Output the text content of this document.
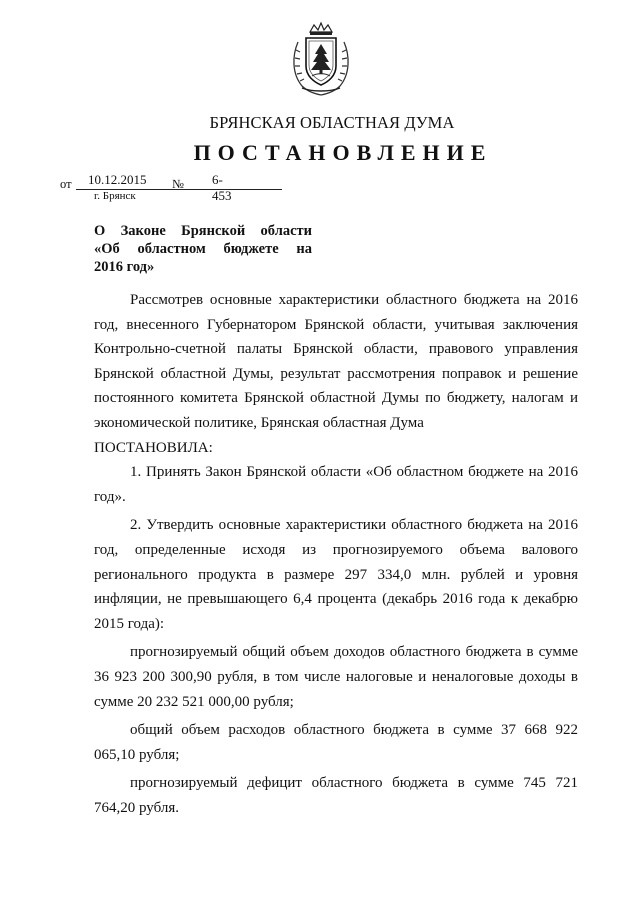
БРЯНСКАЯ ОБЛАСТНАЯ ДУМА
ПОСТАНОВЛЕНИЕ
от 10.12.2015 № 6-453
г. Брянск
О Законе Брянской области
«Об областном бюджете на
2016 год»

Рассмотрев основные характеристики областного бюджета на 2016 год, внесенного Губернатором Брянской области, учитывая заключения Контрольно-счетной палаты Брянской области, правового управления Брянской областной Думы, результат рассмотрения поправок и решение постоянного комитета Брянской областной Думы по бюджету, налогам и экономической политике, Брянская областная Дума

ПОСТАНОВИЛА:

1. Принять Закон Брянской области «Об областном бюджете на 2016 год».

2. Утвердить основные характеристики областного бюджета на 2016 год, определенные исходя из прогнозируемого объема валового регионального продукта в размере 297 334,0 млн. рублей и уровня инфляции, не превышающего 6,4 процента (декабрь 2016 года к декабрю 2015 года):

прогнозируемый общий объем доходов областного бюджета в сумме 36 923 200 300,90 рубля, в том числе налоговые и неналоговые доходы в сумме 20 232 521 000,00 рубля;

общий объем расходов областного бюджета в сумме 37 668 922 065,10 рубля;

прогнозируемый дефицит областного бюджета в сумме 745 721 764,20 рубля.
